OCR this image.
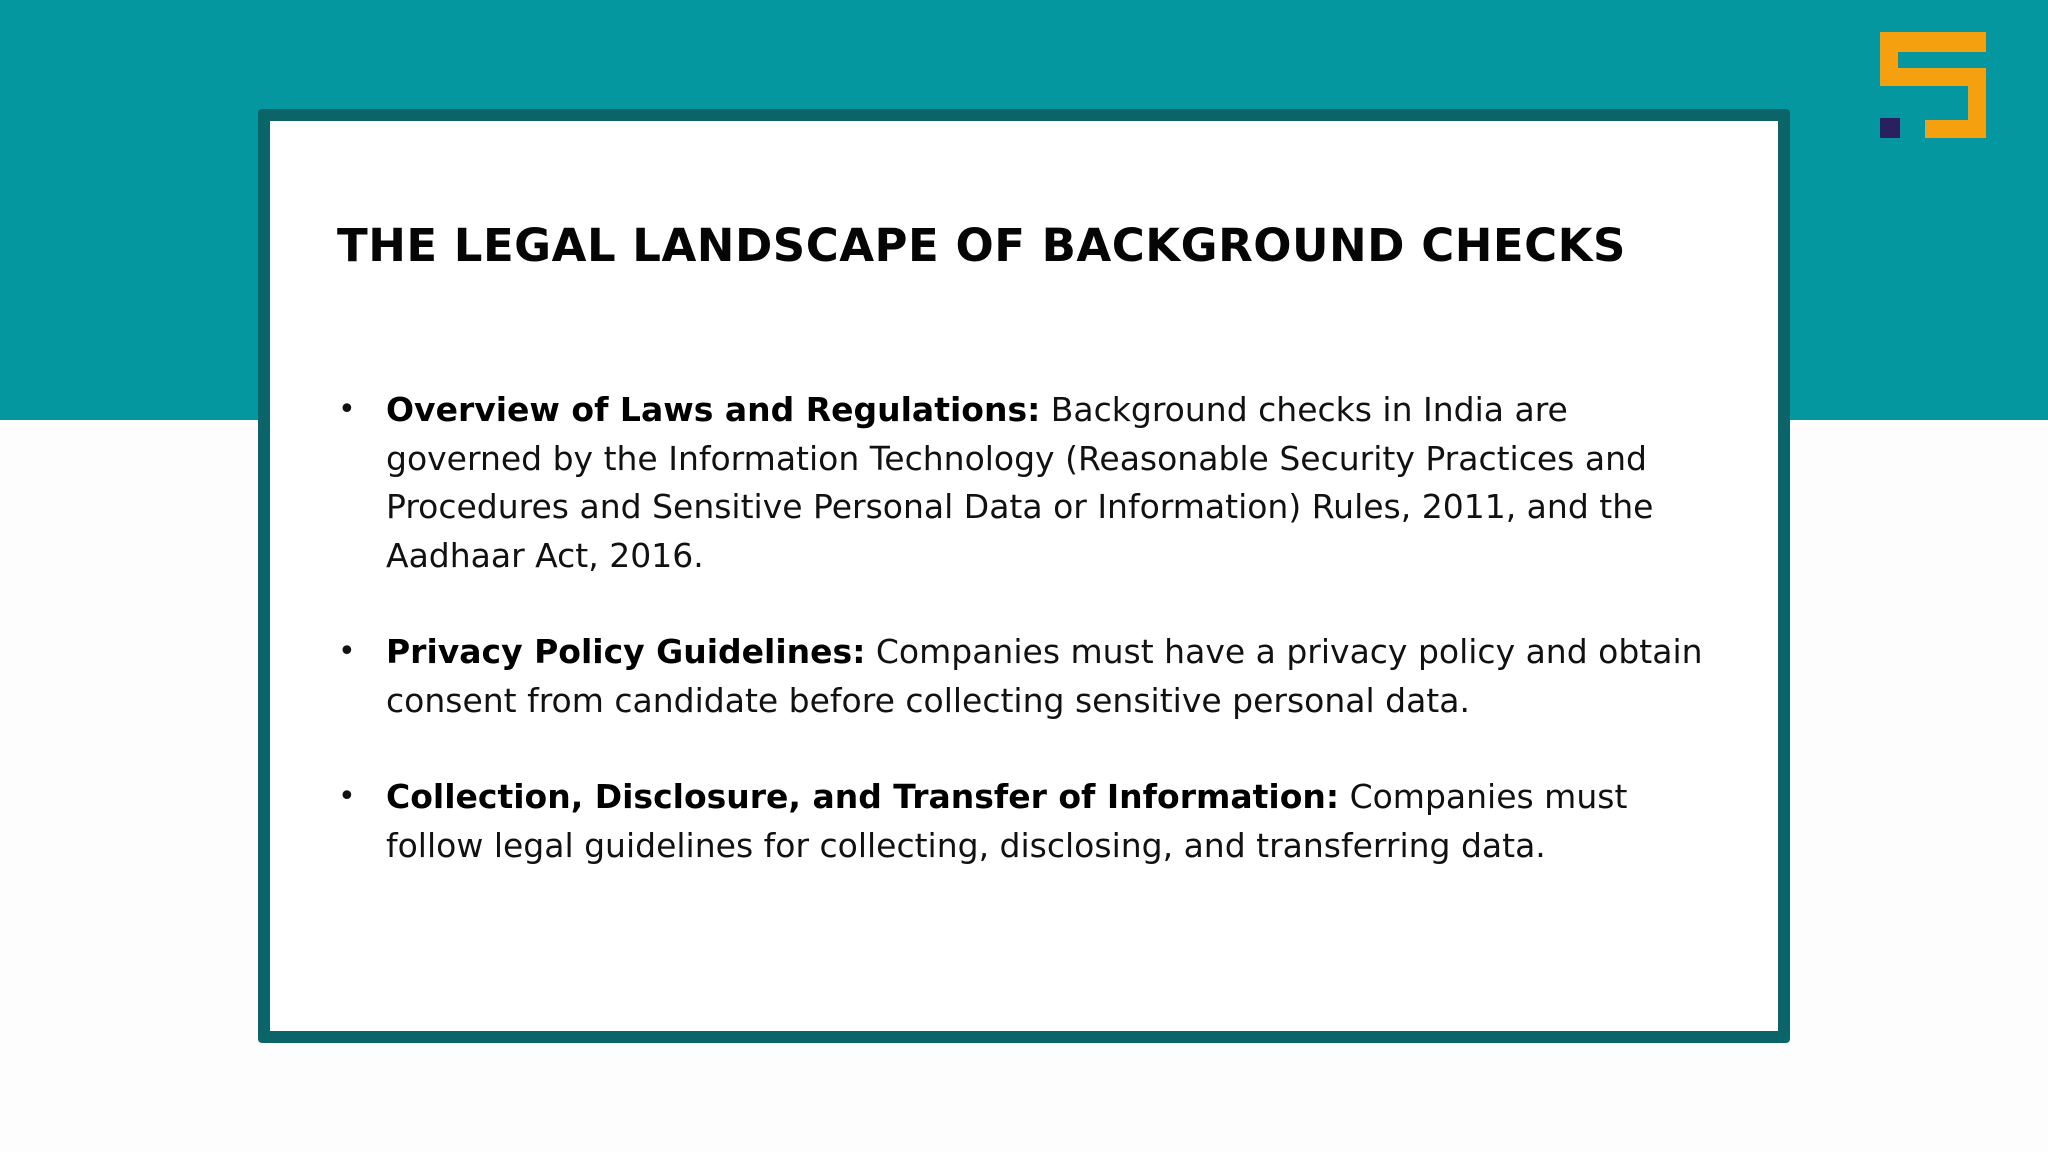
THE LEGAL LANDSCAPE OF BACKGROUND CHECKS
• Overview of Laws and Regulations: Background checks in India are governed by the Information Technology (Reasonable Security Practices and Procedures and Sensitive Personal Data or Information) Rules, 2011, and the Aadhaar Act, 2016.
• Privacy Policy Guidelines: Companies must have a privacy policy and obtain consent from candidate before collecting sensitive personal data.
• Collection, Disclosure, and Transfer of Information: Companies must follow legal guidelines for collecting, disclosing, and transferring data.
